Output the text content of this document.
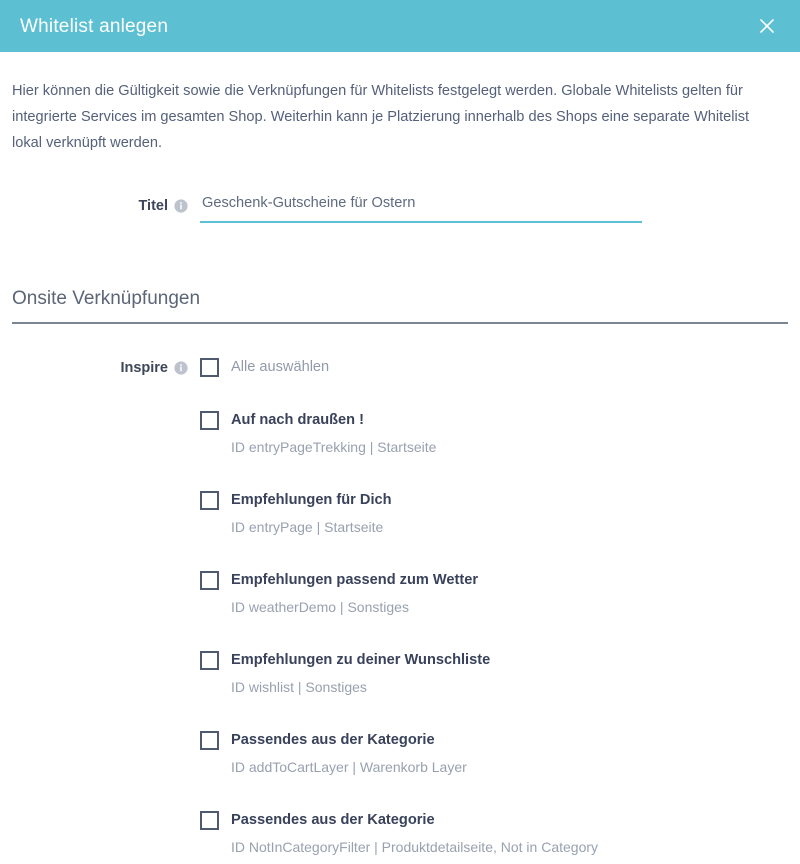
Whitelist anlegen

Hier können die Gültigkeit sowie die Verknüpfungen für Whitelists festgelegt werden. Globale Whitelists gelten für integrierte Services im gesamten Shop. Weiterhin kann je Platzierung innerhalb des Shops eine separate Whitelist lokal verknüpft werden.

Titel
Geschenk-Gutscheine für Ostern
Onsite Verknüpfungen
Inspire	Alle auswählen
Auf nach draußen !
ID entryPageTrekking | Startseite
Empfehlungen für Dich
ID entryPage | Startseite
Empfehlungen passend zum Wetter
ID weatherDemo | Sonstiges
Empfehlungen zu deiner Wunschliste
ID wishlist | Sonstiges
Passendes aus der Kategorie
ID addToCartLayer | Warenkorb Layer
Passendes aus der Kategorie
ID NotInCategoryFilter | Produktdetailseite, Not in Category
